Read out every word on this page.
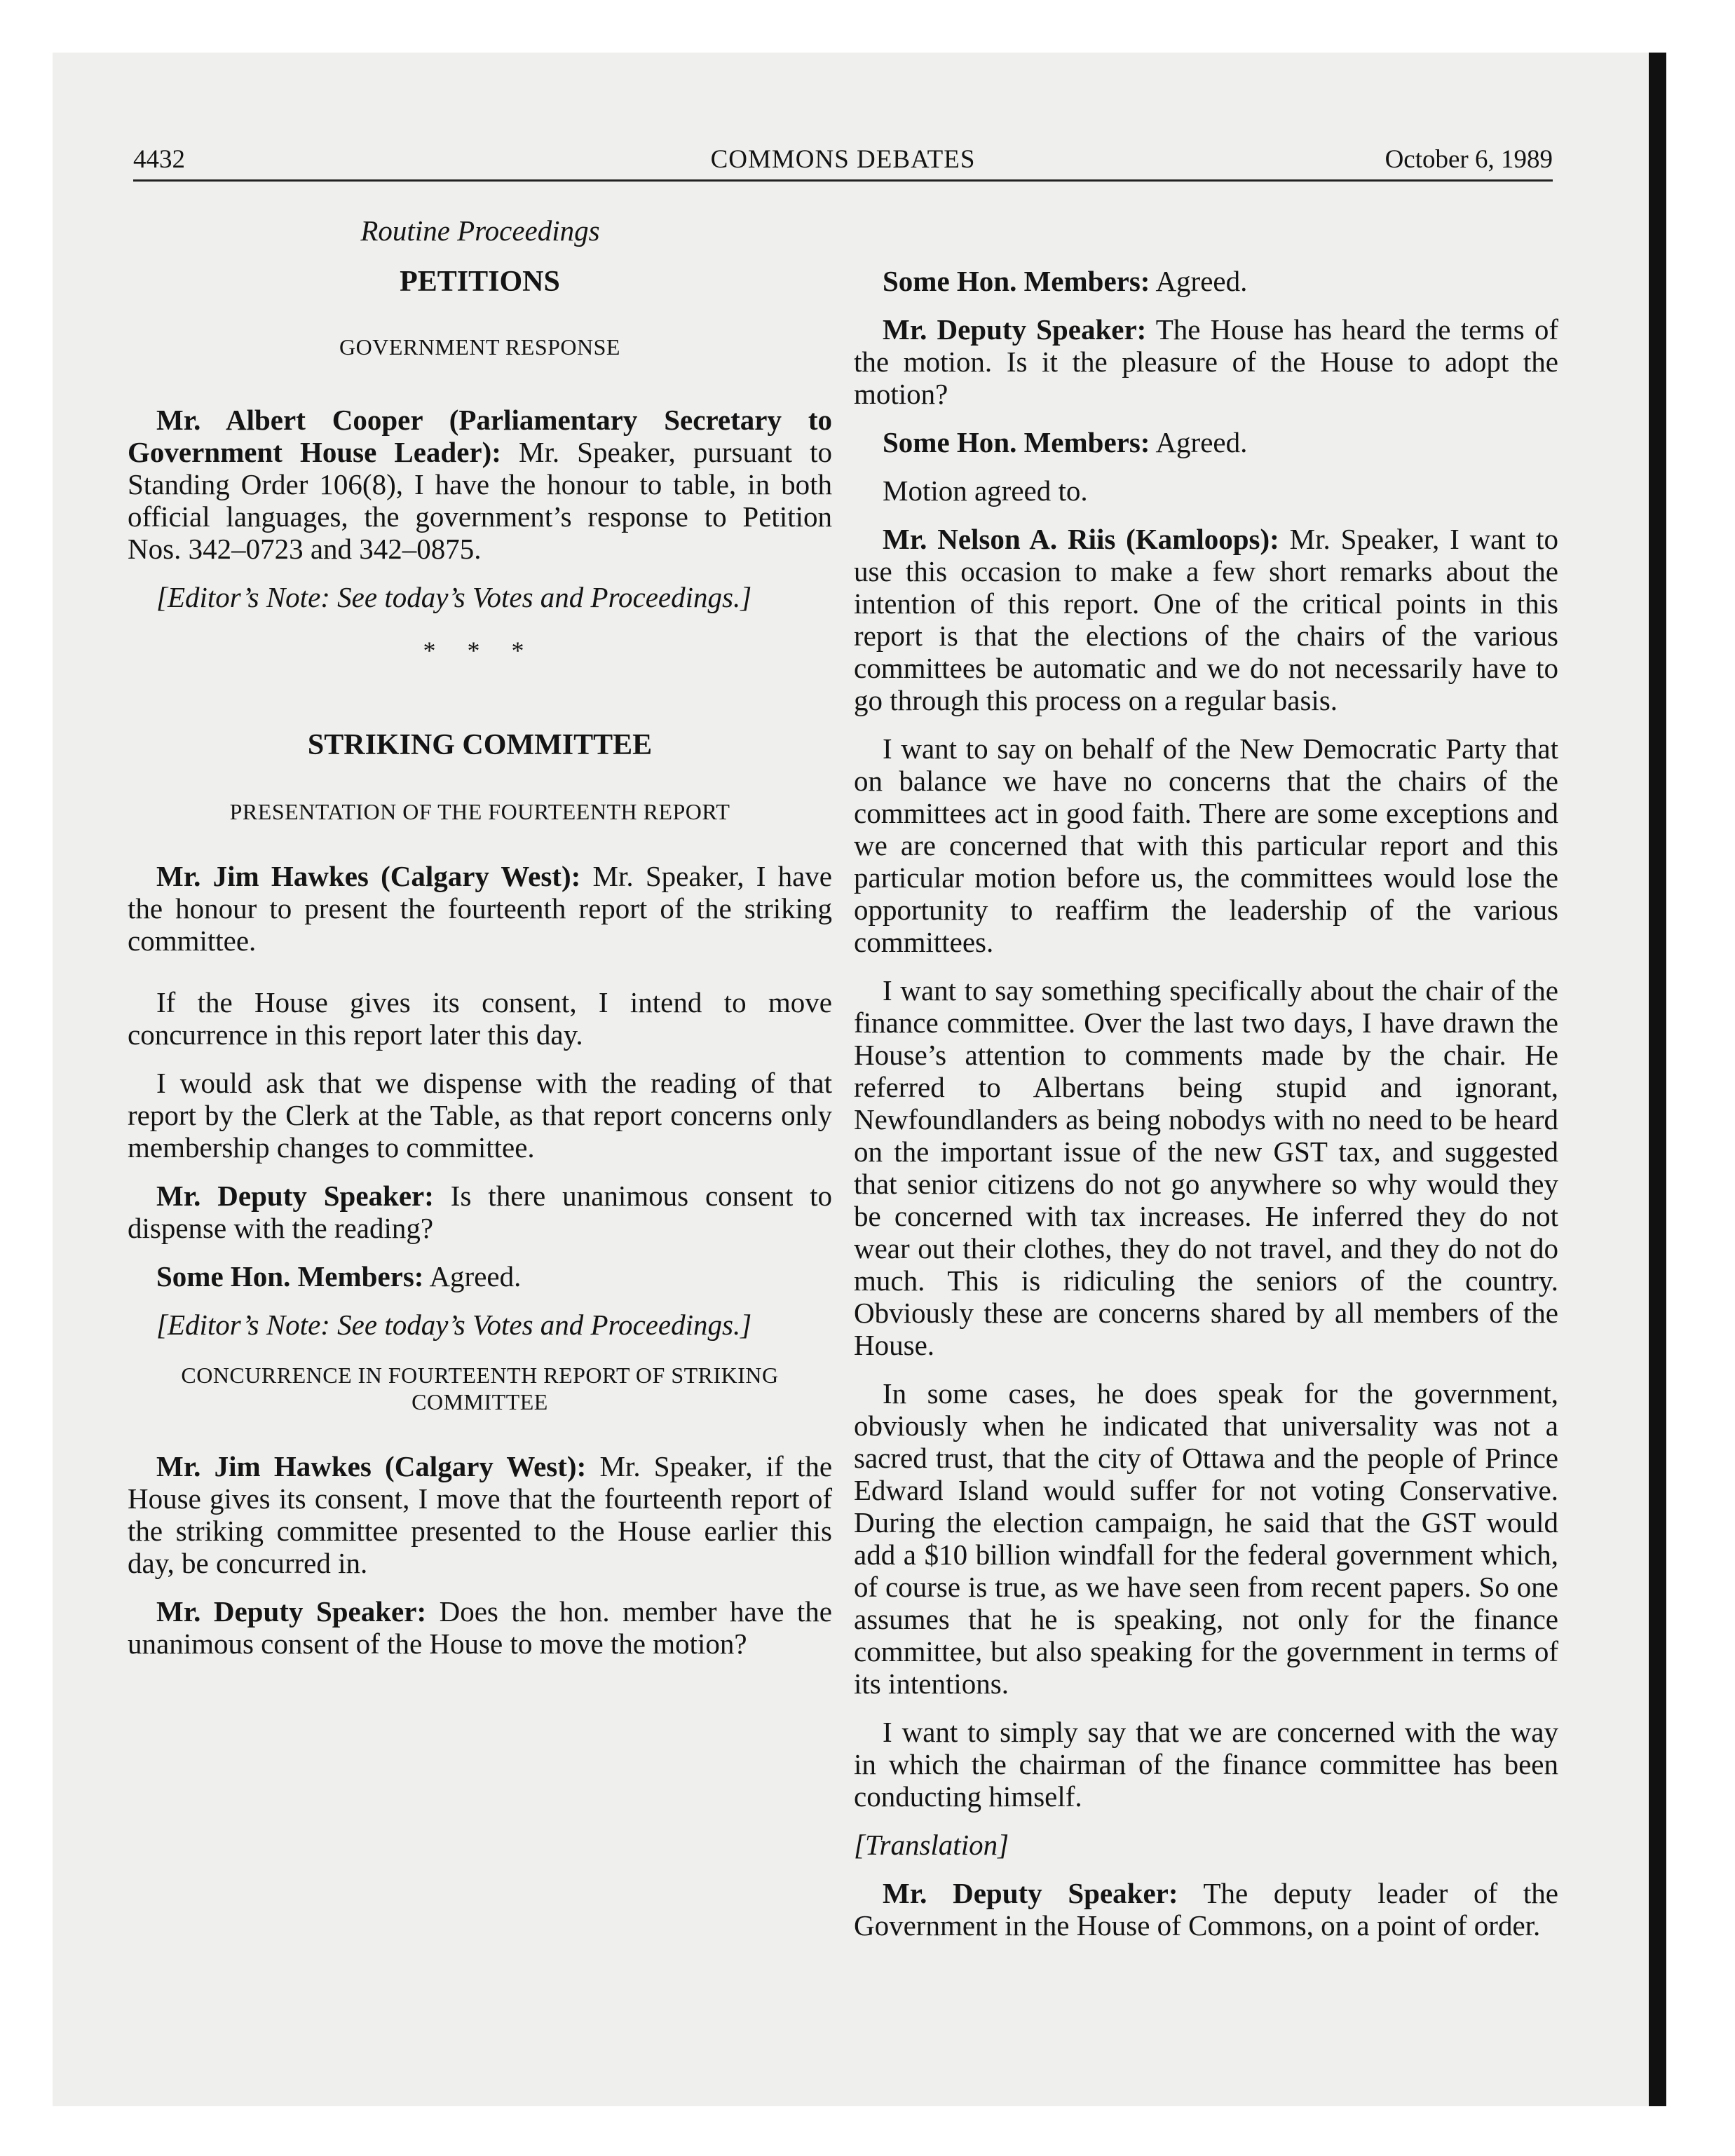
4432	COMMONS DEBATES	October 6, 1989
Routine Proceedings
PETITIONS
GOVERNMENT RESPONSE

Mr. Albert Cooper (Parliamentary Secretary to Government House Leader): Mr. Speaker, pursuant to Standing Order 106(8), I have the honour to table, in both official languages, the government’s response to Petition Nos. 342–0723 and 342–0875.

[Editor’s Note: See today’s Votes and Proceedings.]

* * *
STRIKING COMMITTEE
PRESENTATION OF THE FOURTEENTH REPORT

Mr. Jim Hawkes (Calgary West): Mr. Speaker, I have the honour to present the fourteenth report of the striking committee.

If the House gives its consent, I intend to move concurrence in this report later this day.

I would ask that we dispense with the reading of that report by the Clerk at the Table, as that report concerns only membership changes to committee.

Mr. Deputy Speaker: Is there unanimous consent to dispense with the reading?

Some Hon. Members: Agreed.

[Editor’s Note: See today’s Votes and Proceedings.]

CONCURRENCE IN FOURTEENTH REPORT OF STRIKING COMMITTEE

Mr. Jim Hawkes (Calgary West): Mr. Speaker, if the House gives its consent, I move that the fourteenth report of the striking committee presented to the House earlier this day, be concurred in.

Mr. Deputy Speaker: Does the hon. member have the unanimous consent of the House to move the motion?

Some Hon. Members: Agreed.

Mr. Deputy Speaker: The House has heard the terms of the motion. Is it the pleasure of the House to adopt the motion?

Some Hon. Members: Agreed.

Motion agreed to.

Mr. Nelson A. Riis (Kamloops): Mr. Speaker, I want to use this occasion to make a few short remarks about the intention of this report. One of the critical points in this report is that the elections of the chairs of the various committees be automatic and we do not necessarily have to go through this process on a regular basis.

I want to say on behalf of the New Democratic Party that on balance we have no concerns that the chairs of the committees act in good faith. There are some exceptions and we are concerned that with this particular report and this particular motion before us, the committees would lose the opportunity to reaffirm the leadership of the various committees.

I want to say something specifically about the chair of the finance committee. Over the last two days, I have drawn the House’s attention to comments made by the chair. He referred to Albertans being stupid and ignorant, Newfoundlanders as being nobodys with no need to be heard on the important issue of the new GST tax, and suggested that senior citizens do not go anywhere so why would they be concerned with tax increases. He inferred they do not wear out their clothes, they do not travel, and they do not do much. This is ridiculing the seniors of the country. Obviously these are concerns shared by all members of the House.

In some cases, he does speak for the government, obviously when he indicated that universality was not a sacred trust, that the city of Ottawa and the people of Prince Edward Island would suffer for not voting Conservative. During the election campaign, he said that the GST would add a $10 billion windfall for the federal government which, of course is true, as we have seen from recent papers. So one assumes that he is speaking, not only for the finance committee, but also speaking for the government in terms of its intentions.

I want to simply say that we are concerned with the way in which the chairman of the finance committee has been conducting himself.

[Translation]

Mr. Deputy Speaker: The deputy leader of the Government in the House of Commons, on a point of order.
